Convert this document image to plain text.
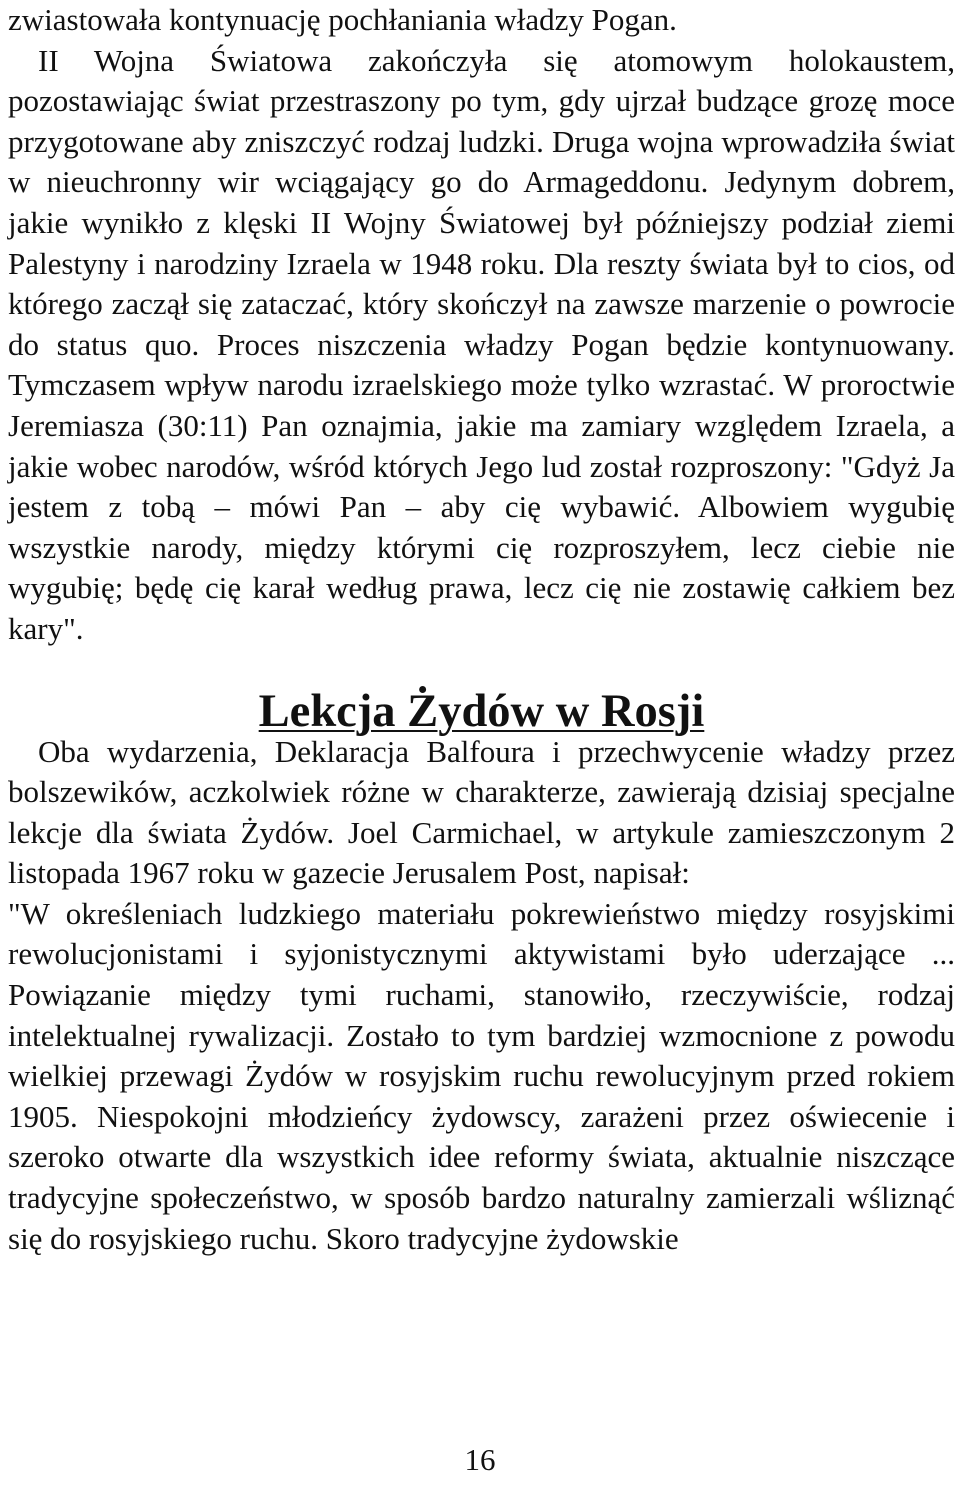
zwiastowała kontynuację pochłaniania władzy Pogan.

II Wojna Światowa zakończyła się atomowym holokaustem, pozostawiając świat przestraszony po tym, gdy ujrzał budzące grozę moce przygotowane aby zniszczyć rodzaj ludzki. Druga wojna wprowadziła świat w nieuchronny wir wciągający go do Armageddonu. Jedynym dobrem, jakie wynikło z klęski II Wojny Światowej był późniejszy podział ziemi Palestyny i narodziny Izraela w 1948 roku. Dla reszty świata był to cios, od którego zaczął się zataczać, który skończył na zawsze marzenie o powrocie do status quo. Proces niszczenia władzy Pogan będzie kontynuowany. Tymczasem wpływ narodu izraelskiego może tylko wzrastać. W proroctwie Jeremiasza (30:11) Pan oznajmia, jakie ma zamiary względem Izraela, a jakie wobec narodów, wśród których Jego lud został rozproszony: "Gdyż Ja jestem z tobą – mówi Pan – aby cię wybawić. Albowiem wygubię wszystkie narody, między którymi cię rozproszyłem, lecz ciebie nie wygubię; będę cię karał według prawa, lecz cię nie zostawię całkiem bez kary".

Lekcja Żydów w Rosji

Oba wydarzenia, Deklaracja Balfoura i przechwycenie władzy przez bolszewików, aczkolwiek różne w charakterze, zawierają dzisiaj specjalne lekcje dla świata Żydów. Joel Carmichael, w artykule zamieszczonym 2 listopada 1967 roku w gazecie Jerusalem Post, napisał:

"W określeniach ludzkiego materiału pokrewieństwo między rosyjskimi rewolucjonistami i syjonistycznymi aktywistami było uderzające ... Powiązanie między tymi ruchami, stanowiło, rzeczywiście, rodzaj intelektualnej rywalizacji. Zostało to tym bardziej wzmocnione z powodu wielkiej przewagi Żydów w rosyjskim ruchu rewolucyjnym przed rokiem 1905. Niespokojni młodzieńcy żydowscy, zarażeni przez oświecenie i szeroko otwarte dla wszystkich idee reformy świata, aktualnie niszczące tradycyjne społeczeństwo, w sposób bardzo naturalny zamierzali wśliznąć się do rosyjskiego ruchu. Skoro tradycyjne żydowskie

16
